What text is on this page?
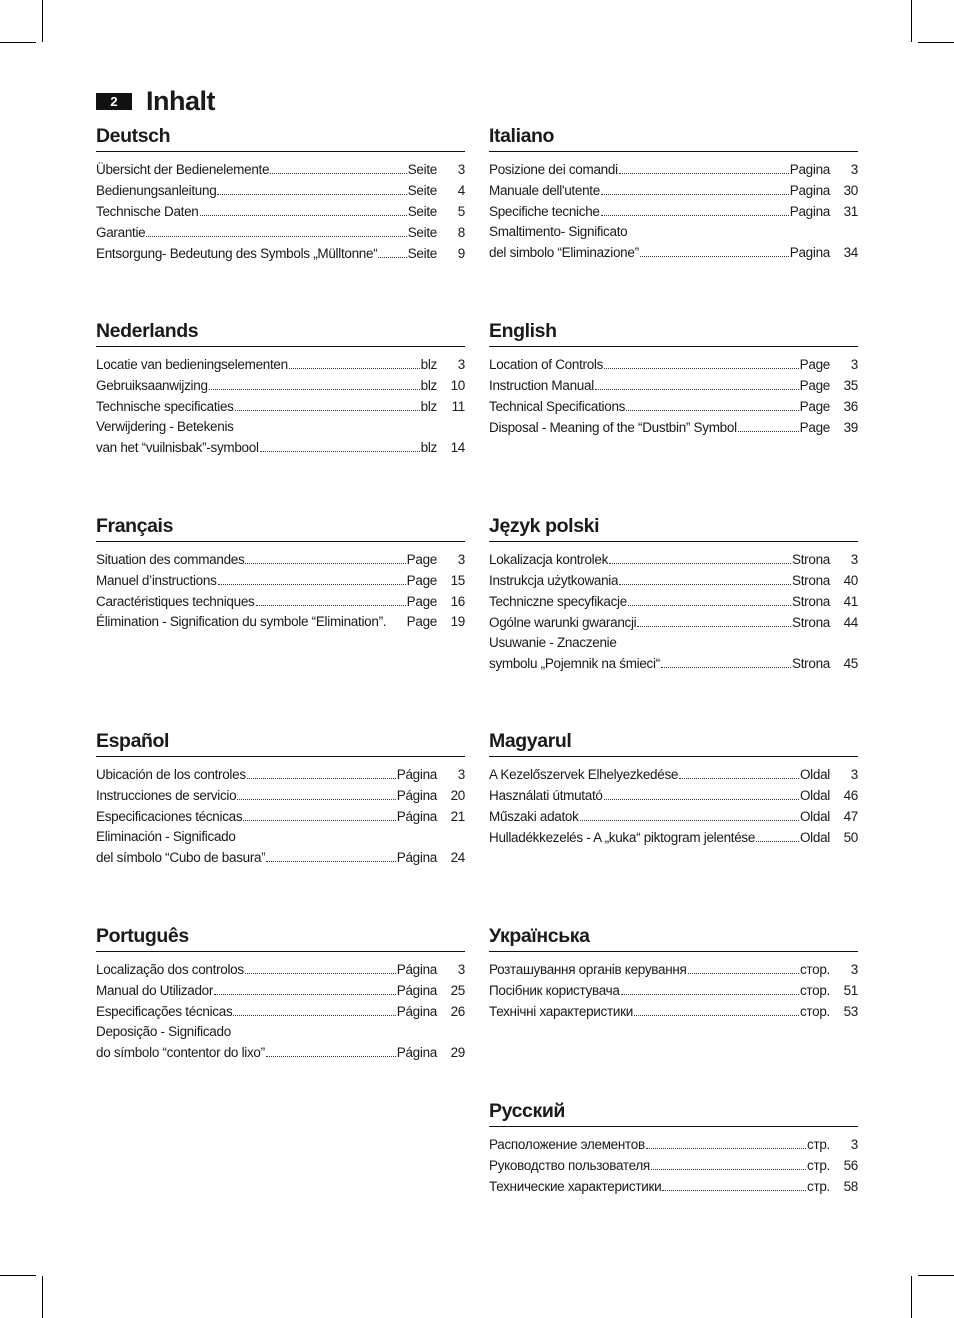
2	Inhalt
Deutsch
Übersicht der Bedienelemente	Seite	3
Bedienungsanleitung	Seite	4
Technische Daten	Seite	5
Garantie	Seite	8
Entsorgung- Bedeutung des Symbols „Mülltonne“ Seite	9
Italiano
Posizione dei comandi	Pagina	3
Manuale dell'utente	Pagina	30
Specifiche tecniche	Pagina	31
Smaltimento- Significato
del simbolo “Eliminazione”	Pagina	34
Nederlands
Locatie van bedieningselementen	blz	3
Gebruiksaanwijzing	blz	10
Technische specificaties	blz	11
Verwijdering - Betekenis
van het “vuilnisbak”-symbool	blz	14
English
Location of Controls	Page	3
Instruction Manual	Page	35
Technical Specifications	Page	36
Disposal - Meaning of the “Dustbin” Symbol	Page	39
Français
Situation des commandes	Page	3
Manuel d’instructions	Page	15
Caractéristiques techniques	Page	16
Élimination - Signification du symbole “Elimination”. Page	19
Język polski
Lokalizacja kontrolek	Strona	3
Instrukcja użytkowania	Strona	40
Techniczne specyfikacje	Strona	41
Ogólne warunki gwarancji	Strona	44
Usuwanie - Znaczenie
symbolu „Pojemnik na śmieci“	Strona	45
Español
Ubicación de los controles	Página	3
Instrucciones de servicio	Página	20
Especificaciones técnicas	Página	21
Eliminación - Significado
del símbolo “Cubo de basura”	Página	24
Magyarul
A Kezelőszervek Elhelyezkedése	Oldal	3
Használati útmutató	Oldal	46
Műszaki adatok	Oldal	47
Hulladékkezelés - A „kuka“ piktogram jelentése	Oldal	50
Português
Localização dos controlos	Página	3
Manual do Utilizador	Página	25
Especificações técnicas	Página	26
Deposição - Significado
do símbolo “contentor do lixo”	Página	29
Українська
Розташування органів керування	стор.	3
Посібник користувача	стор.	51
Технічні характеристики	стор.	53
Русский
Расположение элементов	стр.	3
Руководство пользователя	стр.	56
Технические характеристики	стр.	58
